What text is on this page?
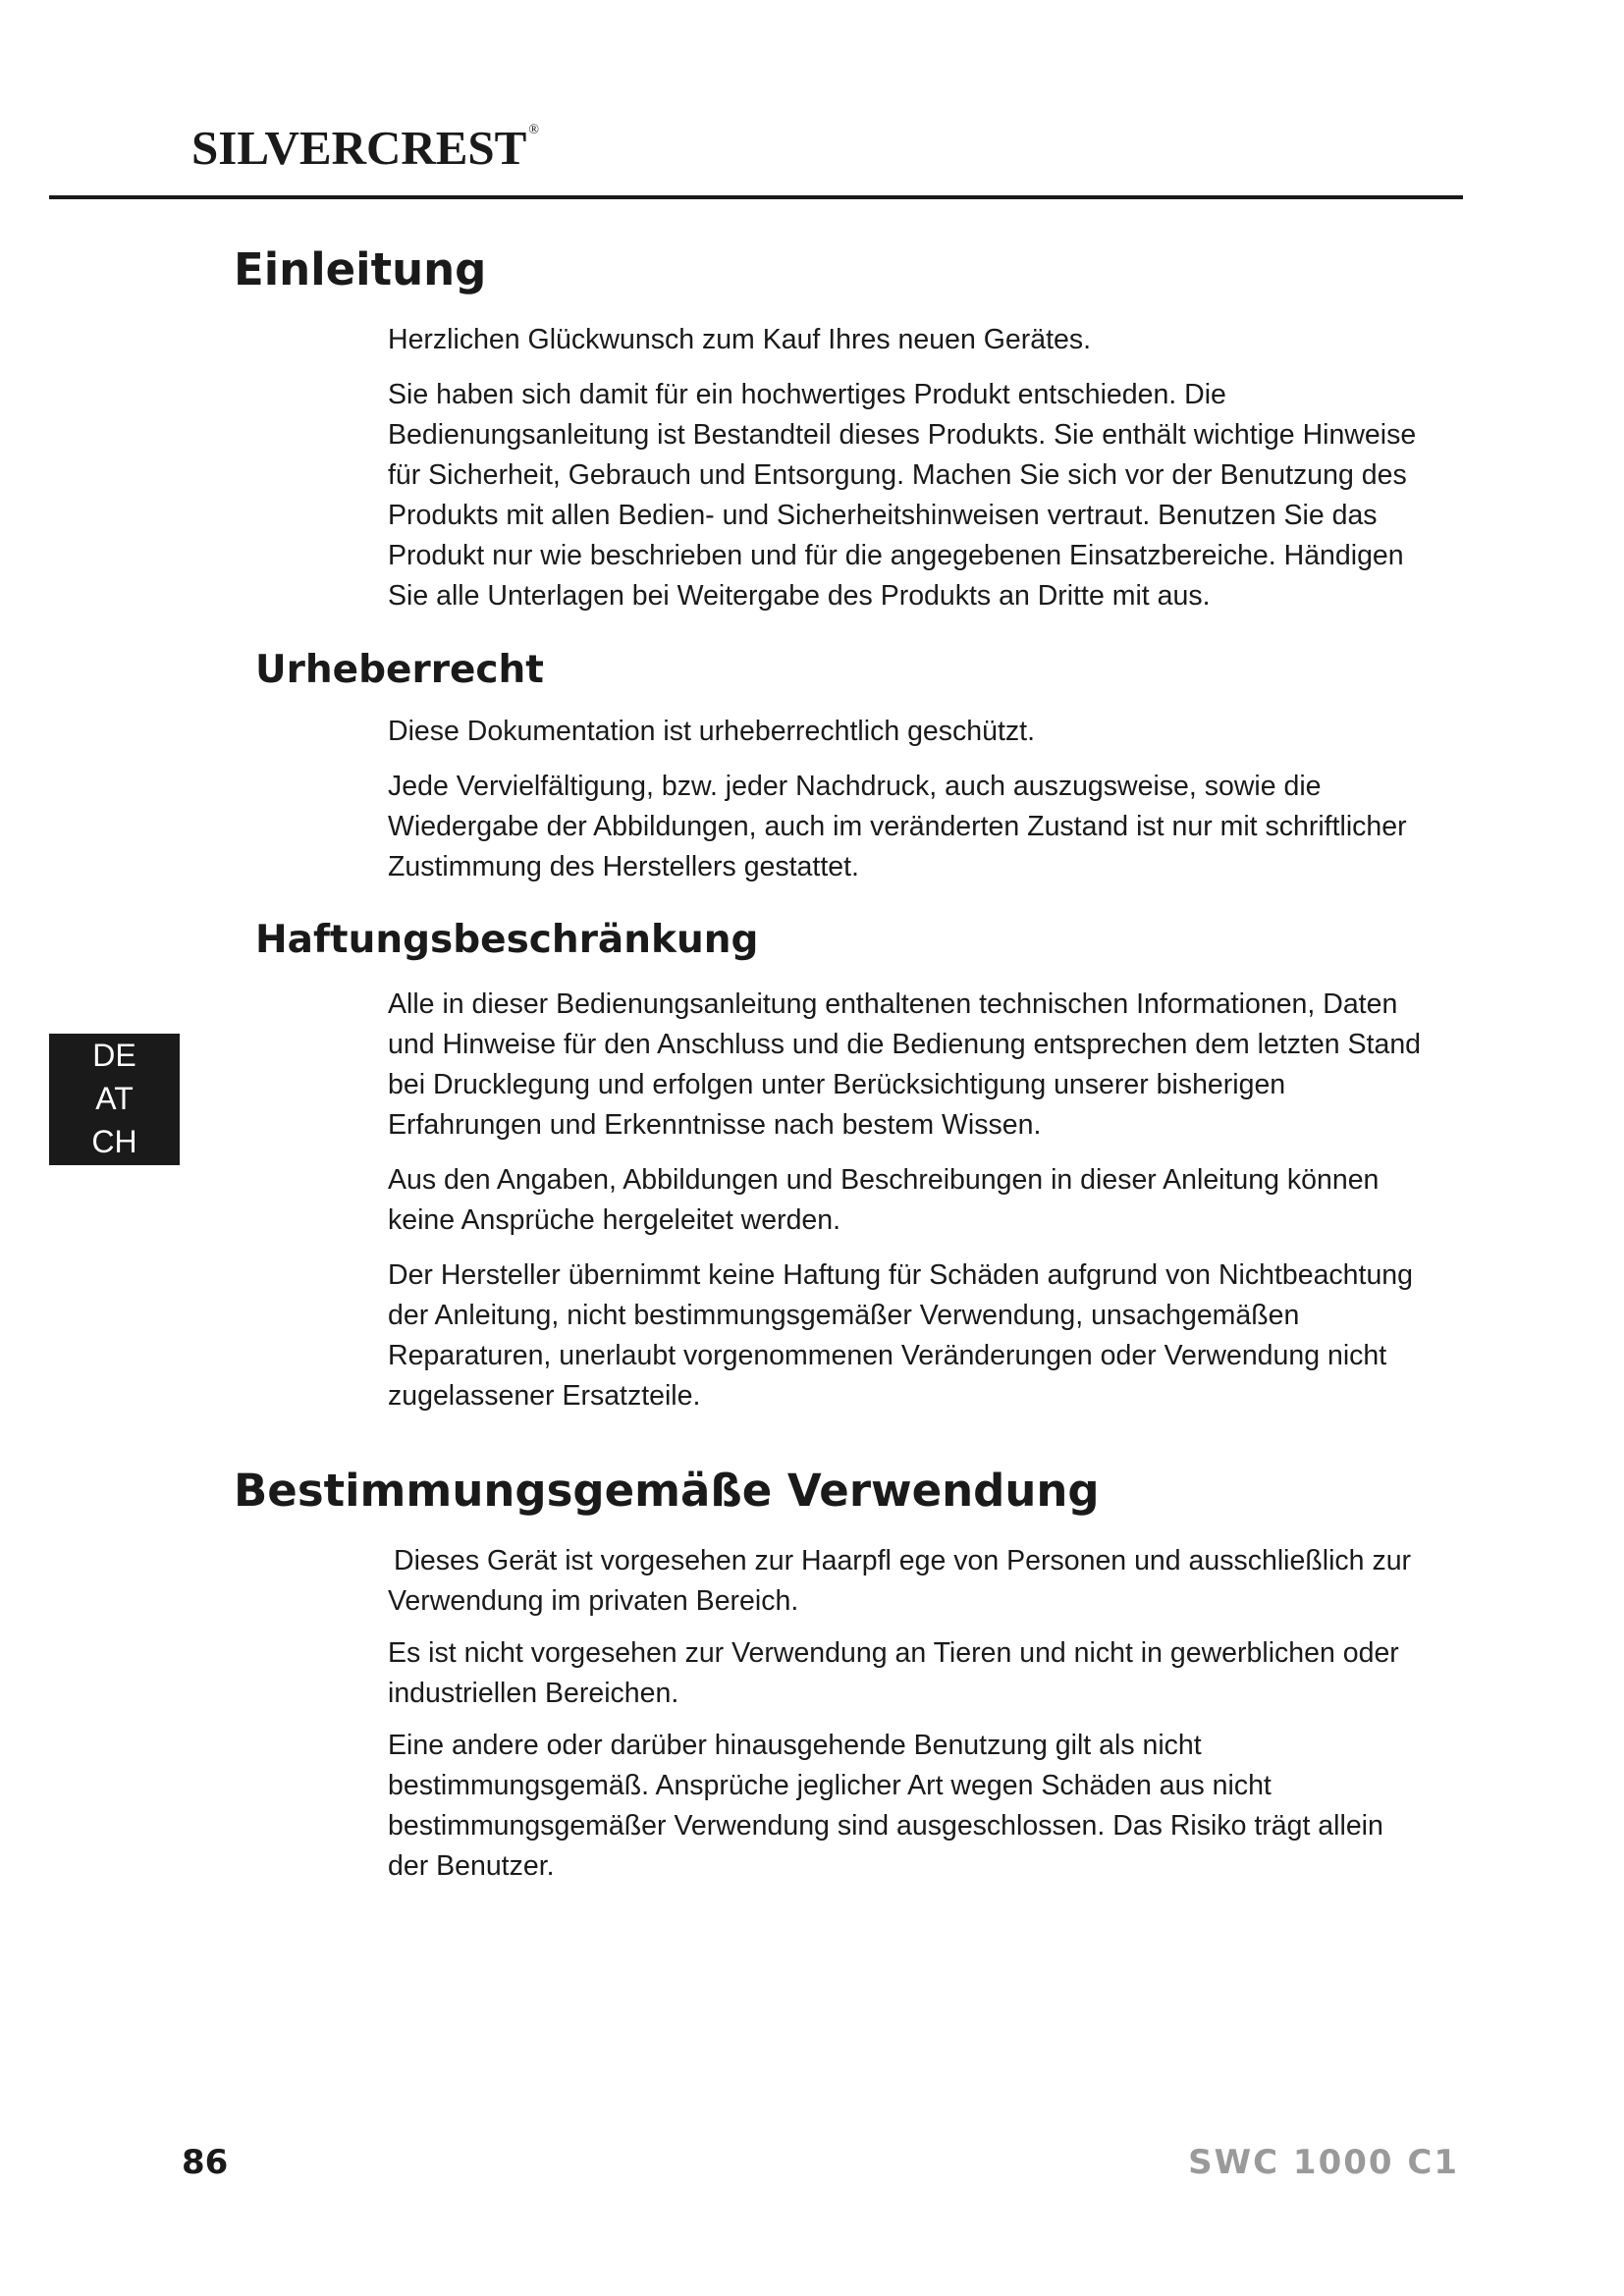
SILVERCREST ®
Einleitung

Herzlichen Glückwunsch zum Kauf Ihres neuen Gerätes.

Sie haben sich damit für ein hochwertiges Produkt entschieden. Die Bedienungsanleitung ist Bestandteil dieses Produkts. Sie enthält wichtige Hinweise für Sicherheit, Gebrauch und Entsorgung. Machen Sie sich vor der Benutzung des Produkts mit allen Bedien- und Sicherheitshinweisen vertraut. Benutzen Sie das Produkt nur wie beschrieben und für die angegebenen Einsatzbereiche. Händigen Sie alle Unterlagen bei Weitergabe des Produkts an Dritte mit aus.

Urheberrecht

Diese Dokumentation ist urheberrechtlich geschützt.

Jede Vervielfältigung, bzw. jeder Nachdruck, auch auszugsweise, sowie die Wiedergabe der Abbildungen, auch im veränderten Zustand ist nur mit schriftlicher Zustimmung des Herstellers gestattet.

Haftungsbeschränkung

Alle in dieser Bedienungsanleitung enthaltenen technischen Informationen, Daten und Hinweise für den Anschluss und die Bedienung entsprechen dem letzten Stand bei Drucklegung und erfolgen unter Berücksichtigung unserer bisherigen Erfahrungen und Erkenntnisse nach bestem Wissen.

Aus den Angaben, Abbildungen und Beschreibungen in dieser Anleitung können keine Ansprüche hergeleitet werden.

Der Hersteller übernimmt keine Haftung für Schäden aufgrund von Nichtbeachtung der Anleitung, nicht bestimmungsgemäßer Verwendung, unsachgemäßen Reparaturen, unerlaubt vorgenommenen Veränderungen oder Verwendung nicht zugelassener Ersatzteile.

Bestimmungsgemäße Verwendung

Dieses Gerät ist vorgesehen zur Haarpfl ege von Personen und ausschließlich zur Verwendung im privaten Bereich.

Es ist nicht vorgesehen zur Verwendung an Tieren und nicht in gewerblichen oder industriellen Bereichen.

Eine andere oder darüber hinausgehende Benutzung gilt als nicht bestimmungsgemäß. Ansprüche jeglicher Art wegen Schäden aus nicht bestimmungsgemäßer Verwendung sind ausgeschlossen. Das Risiko trägt allein der Benutzer.

DE
AT
CH
86	SWC 1000 C1
